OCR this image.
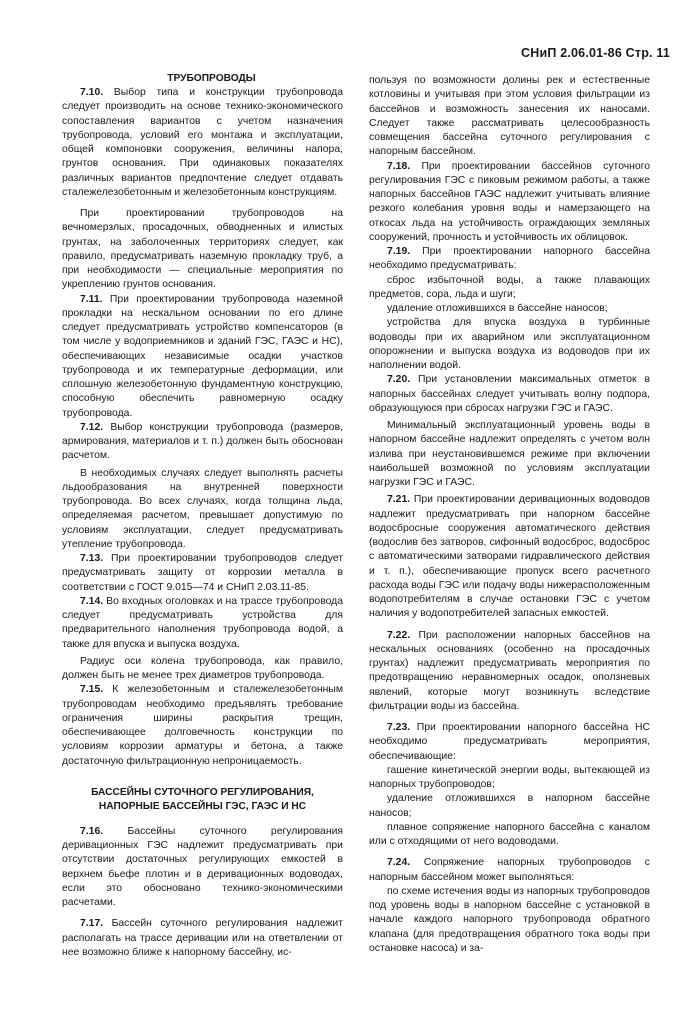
СНиП 2.06.01-86 Стр. 11

ТРУБОПРОВОДЫ

7.10. Выбор типа и конструкции трубопровода следует производить на основе технико-экономического сопоставления вариантов с учетом назначения трубопровода, условий его монтажа и эксплуатации, общей компоновки сооружения, величины напора, грунтов основания. При одинаковых показателях различных вариантов предпочтение следует отдавать сталежелезобетонным и железобетонным конструкциям.

При проектировании трубопроводов на вечномерзлых, просадочных, обводненных и илистых грунтах, на заболоченных территориях следует, как правило, предусматривать наземную прокладку труб, а при необходимости — специальные мероприятия по укреплению грунтов основания.

7.11. При проектировании трубопровода наземной прокладки на нескальном основании по его длине следует предусматривать устройство компенсаторов (в том числе у водоприемников и зданий ГЭС, ГАЭС и НС), обеспечивающих независимые осадки участков трубопровода и их температурные деформации, или сплошную железобетонную фундаментную конструкцию, способную обеспечить равномерную осадку трубопровода.

7.12. Выбор конструкции трубопровода (размеров, армирования, материалов и т. п.) должен быть обоснован расчетом.

В необходимых случаях следует выполнять расчеты льдообразования на внутренней поверхности трубопровода. Во всех случаях, когда толщина льда, определяемая расчетом, превышает допустимую по условиям эксплуатации, следует предусматривать утепление трубопровода.

7.13. При проектировании трубопроводов следует предусматривать защиту от коррозии металла в соответствии с ГОСТ 9.015—74 и СНиП 2.03.11-85.

7.14. Во входных оголовках и на трассе трубопровода следует предусматривать устройства для предварительного наполнения трубопровода водой, а также для впуска и выпуска воздуха.

Радиус оси колена трубопровода, как правило, должен быть не менее трех диаметров трубопровода.

7.15. К железобетонным и сталежелезобетонным трубопроводам необходимо предъявлять требование ограничения ширины раскрытия трещин, обеспечивающее долговечность конструкции по условиям коррозии арматуры и бетона, а также достаточную фильтрационную непроницаемость.

БАССЕЙНЫ СУТОЧНОГО РЕГУЛИРОВАНИЯ,
НАПОРНЫЕ БАССЕЙНЫ ГЭС, ГАЭС И НС

7.16. Бассейны суточного регулирования деривационных ГЭС надлежит предусматривать при отсутствии достаточных регулирующих емкостей в верхнем бьефе плотин и в деривационных водоводах, если это обосновано технико-экономическими расчетами.

7.17. Бассейн суточного регулирования надлежит располагать на трассе деривации или на ответвлении от нее возможно ближе к напорному бассейну, ис-

пользуя по возможности долины рек и естественные котловины и учитывая при этом условия фильтрации из бассейнов и возможность занесения их наносами. Следует также рассматривать целесообразность совмещения бассейна суточного регулирования с напорным бассейном.

7.18. При проектировании бассейнов суточного регулирования ГЭС с пиковым режимом работы, а также напорных бассейнов ГАЭС надлежит учитывать влияние резкого колебания уровня воды и намерзающего на откосах льда на устойчивость ограждающих земляных сооружений, прочность и устойчивость их облицовок.

7.19. При проектировании напорного бассейна необходимо предусматривать:

сброс избыточной воды, а также плавающих предметов, сора, льда и шуги;

удаление отложившихся в бассейне наносов;

устройства для впуска воздуха в турбинные водоводы при их аварийном или эксплуатационном опорожнении и выпуска воздуха из водоводов при их наполнении водой.

7.20. При установлении максимальных отметок в напорных бассейнах следует учитывать волну подпора, образующуюся при сбросах нагрузки ГЭС и ГАЭС.

Минимальный эксплуатационный уровень воды в напорном бассейне надлежит определять с учетом волн излива при неустановившемся режиме при включении наибольшей возможной по условиям эксплуатации нагрузки ГЭС и ГАЭС.

7.21. При проектировании деривационных водоводов надлежит предусматривать при напорном бассейне водосбросные сооружения автоматического действия (водослив без затворов, сифонный водосброс, водосброс с автоматическими затворами гидравлического действия и т. п.), обеспечивающие пропуск всего расчетного расхода воды ГЭС или подачу воды нижерасположенным водопотребителям в случае остановки ГЭС с учетом наличия у водопотребителей запасных емкостей.

7.22. При расположении напорных бассейнов на нескальных основаниях (особенно на просадочных грунтах) надлежит предусматривать мероприятия по предотвращению неравномерных осадок, оползневых явлений, которые могут возникнуть вследствие фильтрации воды из бассейна.

7.23. При проектировании напорного бассейна НС необходимо предусматривать мероприятия, обеспечивающие:

гашение кинетической энергии воды, вытекающей из напорных трубопроводов;

удаление отложившихся в напорном бассейне наносов;

плавное сопряжение напорного бассейна с каналом или с отходящими от него водоводами.

7.24. Сопряжение напорных трубопроводов с напорным бассейном может выполняться:

по схеме истечения воды из напорных трубопроводов под уровень воды в напорном бассейне с установкой в начале каждого напорного трубопровода обратного клапана (для предотвращения обратного тока воды при остановке насоса) и за-
